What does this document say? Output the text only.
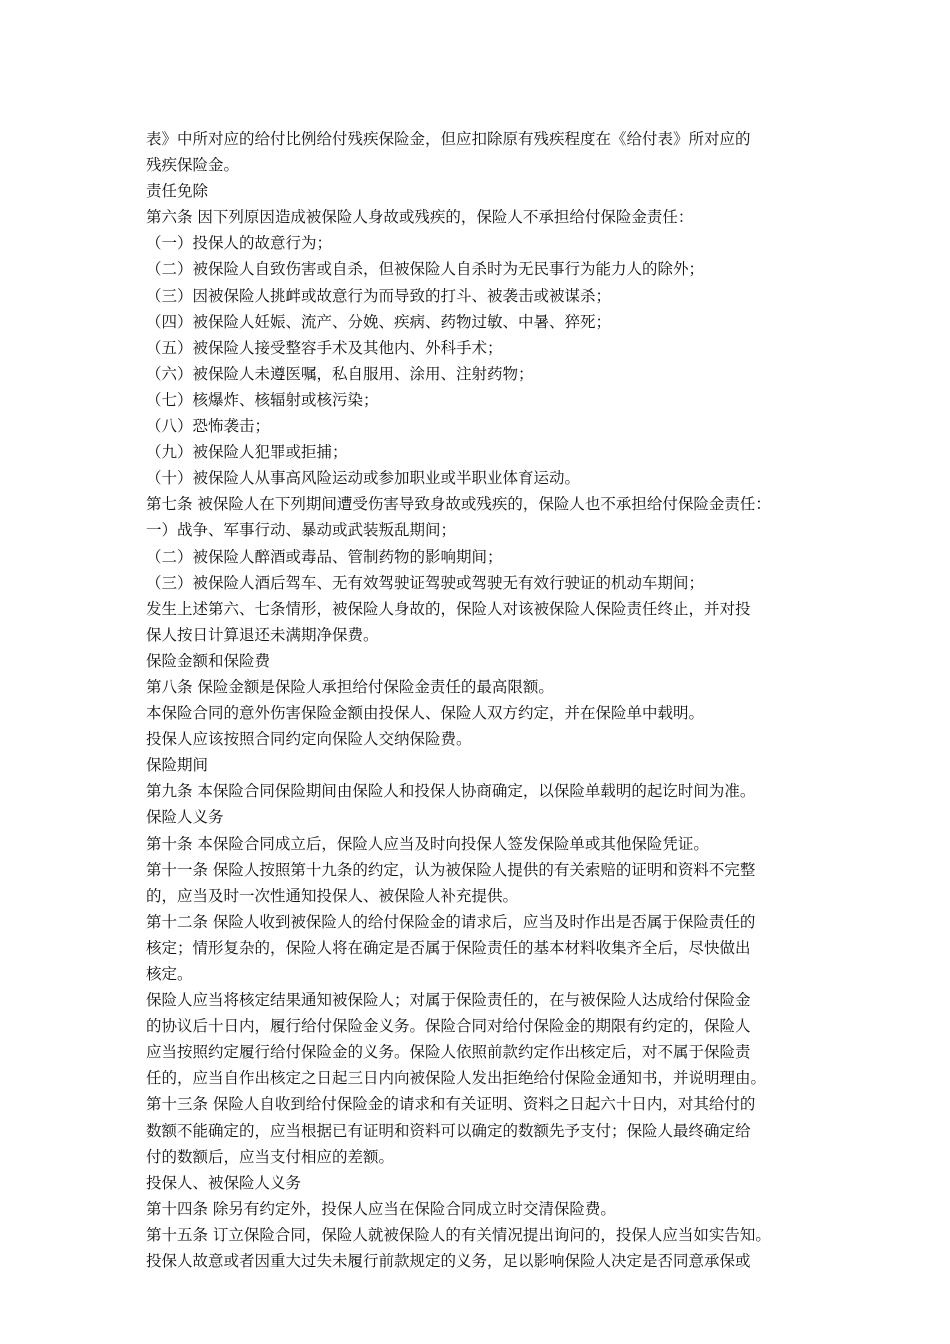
表》中所对应的给付比例给付残疾保险金，但应扣除原有残疾程度在《给付表》所对应的
残疾保险金。
责任免除
第六条 因下列原因造成被保险人身故或残疾的，保险人不承担给付保险金责任：
（一）投保人的故意行为；
（二）被保险人自致伤害或自杀，但被保险人自杀时为无民事行为能力人的除外；
（三）因被保险人挑衅或故意行为而导致的打斗、被袭击或被谋杀；
（四）被保险人妊娠、流产、分娩、疾病、药物过敏、中暑、猝死；
（五）被保险人接受整容手术及其他内、外科手术；
（六）被保险人未遵医嘱，私自服用、涂用、注射药物；
（七）核爆炸、核辐射或核污染；
（八）恐怖袭击；
（九）被保险人犯罪或拒捕；
（十）被保险人从事高风险运动或参加职业或半职业体育运动。
第七条 被保险人在下列期间遭受伤害导致身故或残疾的，保险人也不承担给付保险金责任：
一）战争、军事行动、暴动或武装叛乱期间；
（二）被保险人醉酒或毒品、管制药物的影响期间；
（三）被保险人酒后驾车、无有效驾驶证驾驶或驾驶无有效行驶证的机动车期间；
发生上述第六、七条情形，被保险人身故的，保险人对该被保险人保险责任终止，并对投
保人按日计算退还未满期净保费。
保险金额和保险费
第八条 保险金额是保险人承担给付保险金责任的最高限额。
本保险合同的意外伤害保险金额由投保人、保险人双方约定，并在保险单中载明。
投保人应该按照合同约定向保险人交纳保险费。
保险期间
第九条 本保险合同保险期间由保险人和投保人协商确定，以保险单载明的起讫时间为准。
保险人义务
第十条 本保险合同成立后，保险人应当及时向投保人签发保险单或其他保险凭证。
第十一条 保险人按照第十九条的约定，认为被保险人提供的有关索赔的证明和资料不完整
的，应当及时一次性通知投保人、被保险人补充提供。
第十二条 保险人收到被保险人的给付保险金的请求后，应当及时作出是否属于保险责任的
核定；情形复杂的，保险人将在确定是否属于保险责任的基本材料收集齐全后，尽快做出
核定。
保险人应当将核定结果通知被保险人；对属于保险责任的，在与被保险人达成给付保险金
的协议后十日内，履行给付保险金义务。保险合同对给付保险金的期限有约定的，保险人
应当按照约定履行给付保险金的义务。保险人依照前款约定作出核定后，对不属于保险责
任的，应当自作出核定之日起三日内向被保险人发出拒绝给付保险金通知书，并说明理由。
第十三条 保险人自收到给付保险金的请求和有关证明、资料之日起六十日内，对其给付的
数额不能确定的，应当根据已有证明和资料可以确定的数额先予支付；保险人最终确定给
付的数额后，应当支付相应的差额。
投保人、被保险人义务
第十四条 除另有约定外，投保人应当在保险合同成立时交清保险费。
第十五条 订立保险合同，保险人就被保险人的有关情况提出询问的，投保人应当如实告知。
投保人故意或者因重大过失未履行前款规定的义务，足以影响保险人决定是否同意承保或
